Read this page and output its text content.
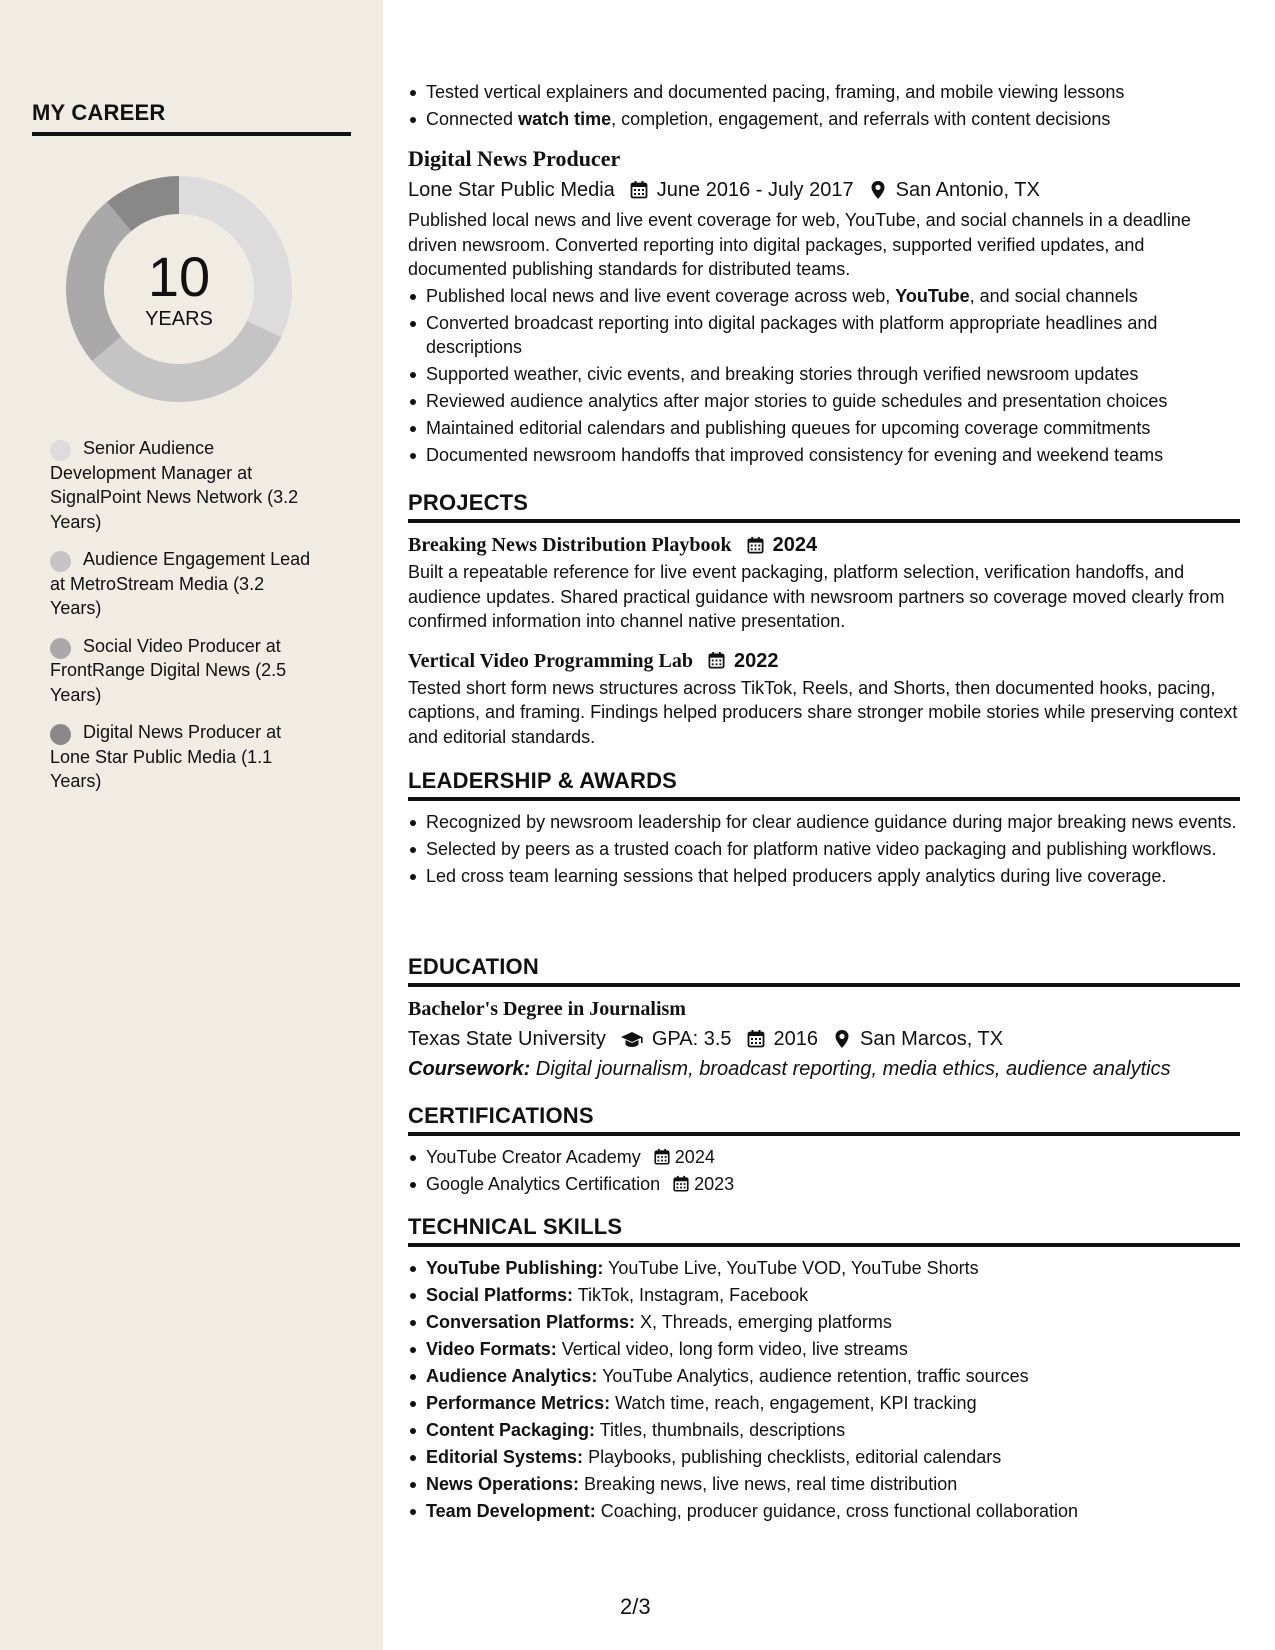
MY CAREER
10
YEARS
Senior Audience Development Manager at SignalPoint News Network (3.2 Years)
Audience Engagement Lead at MetroStream Media (3.2 Years)
Social Video Producer at FrontRange Digital News (2.5 Years)
Digital News Producer at Lone Star Public Media (1.1 Years)
Tested vertical explainers and documented pacing, framing, and mobile viewing lessons
Connected watch time, completion, engagement, and referrals with content decisions
Digital News Producer
Lone Star Public Media June 2016 - July 2017 San Antonio, TX
Published local news and live event coverage for web, YouTube, and social channels in a deadline driven newsroom. Converted reporting into digital packages, supported verified updates, and documented publishing standards for distributed teams.
Published local news and live event coverage across web, YouTube, and social channels
Converted broadcast reporting into digital packages with platform appropriate headlines and descriptions
Supported weather, civic events, and breaking stories through verified newsroom updates
Reviewed audience analytics after major stories to guide schedules and presentation choices
Maintained editorial calendars and publishing queues for upcoming coverage commitments
Documented newsroom handoffs that improved consistency for evening and weekend teams
PROJECTS
Breaking News Distribution Playbook 2024
Built a repeatable reference for live event packaging, platform selection, verification handoffs, and audience updates. Shared practical guidance with newsroom partners so coverage moved clearly from confirmed information into channel native presentation.
Vertical Video Programming Lab 2022
Tested short form news structures across TikTok, Reels, and Shorts, then documented hooks, pacing, captions, and framing. Findings helped producers share stronger mobile stories while preserving context and editorial standards.
LEADERSHIP & AWARDS
Recognized by newsroom leadership for clear audience guidance during major breaking news events.
Selected by peers as a trusted coach for platform native video packaging and publishing workflows.
Led cross team learning sessions that helped producers apply analytics during live coverage.
EDUCATION
Bachelor's Degree in Journalism
Texas State University GPA: 3.5 2016 San Marcos, TX
Coursework: Digital journalism, broadcast reporting, media ethics, audience analytics
CERTIFICATIONS
YouTube Creator Academy 2024
Google Analytics Certification 2023
TECHNICAL SKILLS
YouTube Publishing: YouTube Live, YouTube VOD, YouTube Shorts
Social Platforms: TikTok, Instagram, Facebook
Conversation Platforms: X, Threads, emerging platforms
Video Formats: Vertical video, long form video, live streams
Audience Analytics: YouTube Analytics, audience retention, traffic sources
Performance Metrics: Watch time, reach, engagement, KPI tracking
Content Packaging: Titles, thumbnails, descriptions
Editorial Systems: Playbooks, publishing checklists, editorial calendars
News Operations: Breaking news, live news, real time distribution
Team Development: Coaching, producer guidance, cross functional collaboration
2/3
